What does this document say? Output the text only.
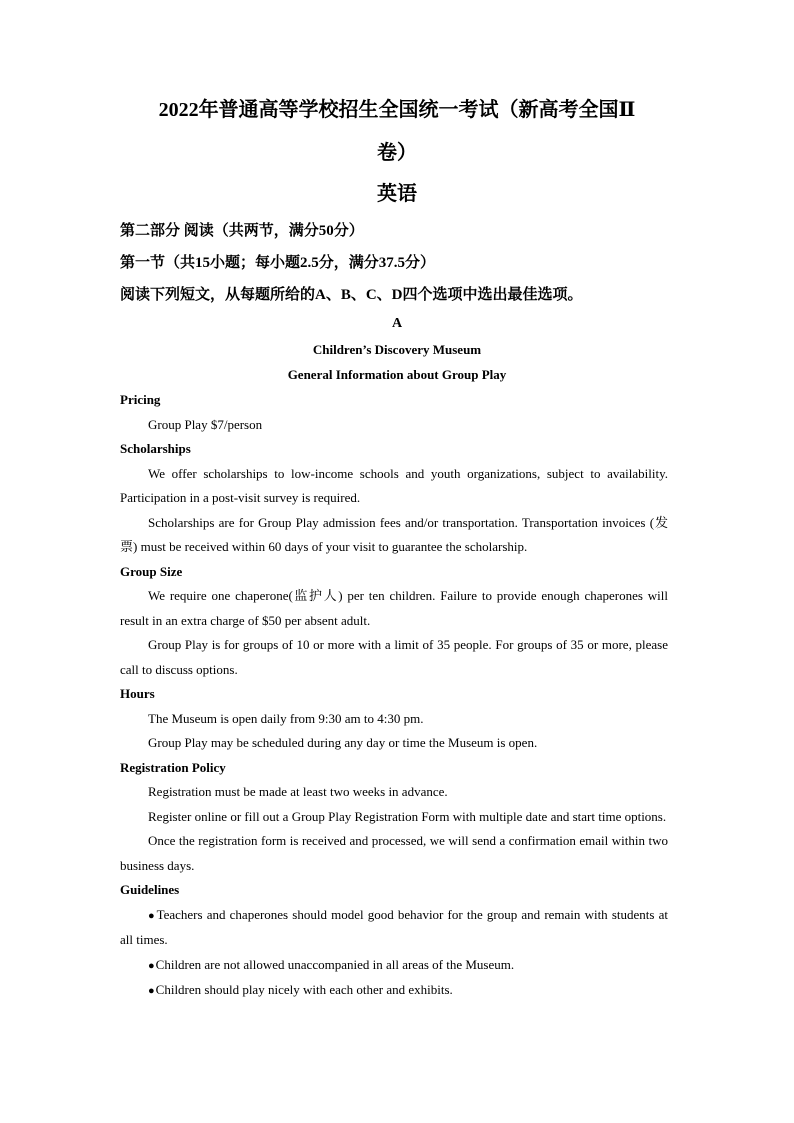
2022年普通高等学校招生全国统一考试（新高考全国Ⅱ
卷）
英语

第二部分 阅读（共两节，满分50分）

第一节（共15小题；每小题2.5分，满分37.5分）

阅读下列短文，从每题所给的A、B、C、D四个选项中选出最佳选项。

A

Children’s Discovery Museum

General Information about Group Play

Pricing

Group Play $7/person

Scholarships

We offer scholarships to low-income schools and youth organizations, subject to availability. Participation in a post-visit survey is required.

Scholarships are for Group Play admission fees and/or transportation. Transportation invoices (发票) must be received within 60 days of your visit to guarantee the scholarship.

Group Size

We require one chaperone(监护人) per ten children. Failure to provide enough chaperones will result in an extra charge of $50 per absent adult.

Group Play is for groups of 10 or more with a limit of 35 people. For groups of 35 or more, please call to discuss options.

Hours

The Museum is open daily from 9:30 am to 4:30 pm.

Group Play may be scheduled during any day or time the Museum is open.

Registration Policy

Registration must be made at least two weeks in advance.

Register online or fill out a Group Play Registration Form with multiple date and start time options.

Once the registration form is received and processed, we will send a confirmation email within two business days.

Guidelines

● Teachers and chaperones should model good behavior for the group and remain with students at all times.

● Children are not allowed unaccompanied in all areas of the Museum.

● Children should play nicely with each other and exhibits.
